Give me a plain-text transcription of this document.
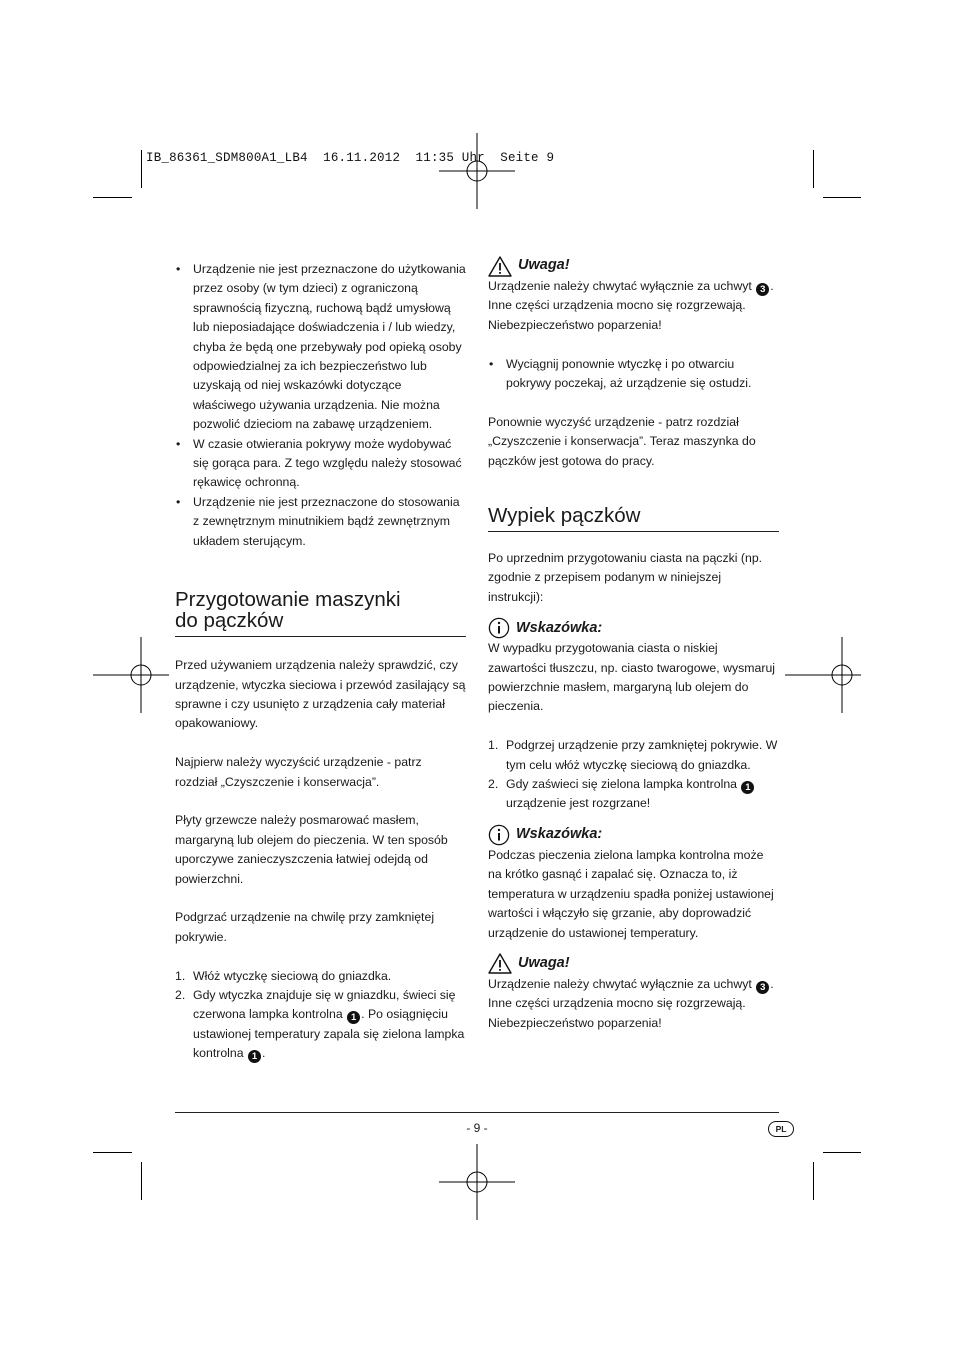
IB_86361_SDM800A1_LB4  16.11.2012  11:35 Uhr  Seite 9
• Urządzenie nie jest przeznaczone do użytkowania przez osoby (w tym dzieci) z ograniczoną sprawnością fizyczną, ruchową bądź umysłową lub nieposiadające doświadczenia i / lub wiedzy, chyba że będą one przebywały pod opieką osoby odpowiedzialnej za ich bezpieczeństwo lub uzyskają od niej wskazówki dotyczące właściwego używania urządzenia. Nie można pozwolić dzieciom na zabawę urządzeniem.
• W czasie otwierania pokrywy może wydobywać się gorąca para. Z tego względu należy stosować rękawicę ochronną.
• Urządzenie nie jest przeznaczone do stosowania z zewnętrznym minutnikiem bądź zewnętrznym układem sterującym.
Przygotowanie maszynki
do pączków

Przed używaniem urządzenia należy sprawdzić, czy urządzenie, wtyczka sieciowa i przewód zasilający są sprawne i czy usunięto z urządzenia cały materiał opakowaniowy.

Najpierw należy wyczyścić urządzenie - patrz rozdział „Czyszczenie i konserwacja”.

Płyty grzewcze należy posmarować masłem, margaryną lub olejem do pieczenia. W ten sposób uporczywe zanieczyszczenia łatwiej odejdą od powierzchni.

Podgrzać urządzenie na chwilę przy zamkniętej pokrywie.

1. Włóż wtyczkę sieciową do gniazdka.
2. Gdy wtyczka znajduje się w gniazdku, świeci się czerwona lampka kontrolna 1 . Po osiągnięciu ustawionej temperatury zapala się zielona lampka kontrolna 1 .
Uwaga!

Urządzenie należy chwytać wyłącznie za uchwyt 3 . Inne części urządzenia mocno się rozgrzewają. Niebezpieczeństwo poparzenia!

• Wyciągnij ponownie wtyczkę i po otwarciu pokrywy poczekaj, aż urządzenie się ostudzi.

Ponownie wyczyść urządzenie - patrz rozdział „Czyszczenie i konserwacja”. Teraz maszynka do pączków jest gotowa do pracy.

Wypiek pączków

Po uprzednim przygotowaniu ciasta na pączki (np. zgodnie z przepisem podanym w niniejszej instrukcji):

Wskazówka:

W wypadku przygotowania ciasta o niskiej zawartości tłuszczu, np. ciasto twarogowe, wysmaruj powierzchnie masłem, margaryną lub olejem do pieczenia.

1. Podgrzej urządzenie przy zamkniętej pokrywie. W tym celu włóż wtyczkę sieciową do gniazdka.
2. Gdy zaświeci się zielona lampka kontrolna 1 urządzenie jest rozgrzane!
Wskazówka:

Podczas pieczenia zielona lampka kontrolna może na krótko gasnąć i zapalać się. Oznacza to, iż temperatura w urządzeniu spadła poniżej ustawionej wartości i włączyło się grzanie, aby doprowadzić urządzenie do ustawionej temperatury.

Uwaga!

Urządzenie należy chwytać wyłącznie za uchwyt 3 . Inne części urządzenia mocno się rozgrzewają. Niebezpieczeństwo poparzenia!

- 9 -	PL
